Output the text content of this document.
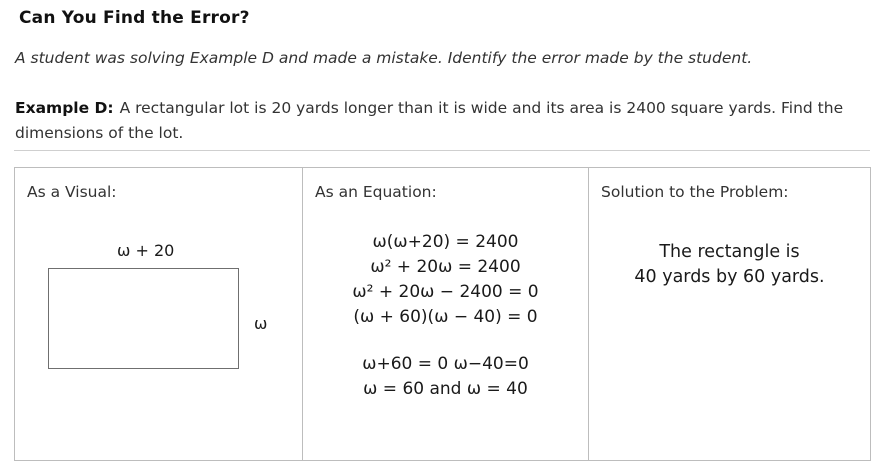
Can You Find the Error?
A student was solving Example D and made a mistake. Identify the error made by the student.
Example D: A rectangular lot is 20 yards longer than it is wide and its area is 2400 square yards. Find the dimensions of the lot.
As a Visual:
ω + 20
ω
As an Equation:
ω(ω+20) = 2400
ω² + 20ω = 2400
ω² + 20ω − 2400 = 0
(ω + 60)(ω − 40) = 0
ω+60 = 0 ω−40=0
ω = 60 and ω = 40
Solution to the Problem:
The rectangle is
40 yards by 60 yards.
